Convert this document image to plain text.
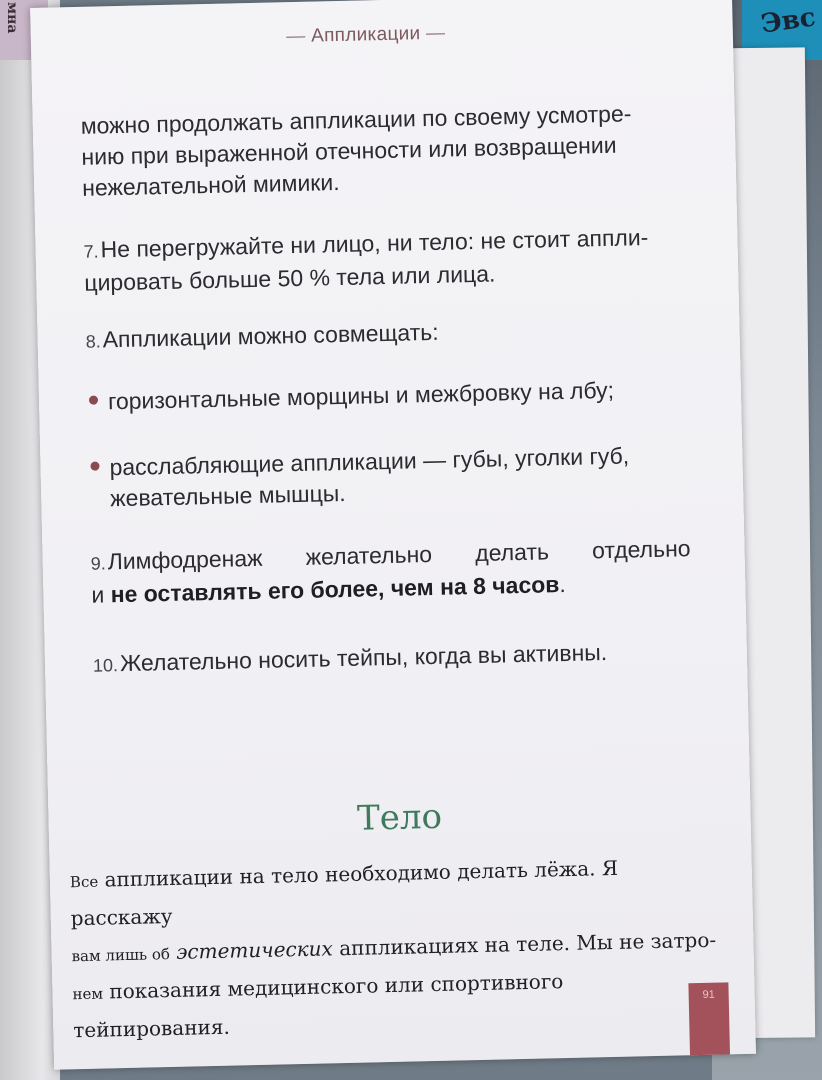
мна	Эвс
— Аппликации —
можно продолжать аппликации по своему усмотре-
нию при выраженной отечности или возвращении
нежелательной мимики.
7.Не перегружайте ни лицо, ни тело: не стоит аппли-
цировать больше 50 % тела или лица.
8.Аппликации можно совмещать:
горизонтальные морщины и межбровку на лбу;
расслабляющие аппликации — губы, уголки губ,
жевательные мышцы.
9.Лимфодренаж желательно делать отдельно
и не оставлять его более, чем на 8 часов.
10.Желательно носить тейпы, когда вы активны.
Тело
Все аппликации на тело необходимо делать лёжа. Я расскажу
вам лишь об эстетических аппликациях на теле. Мы не затро-
нем показания медицинского или спортивного тейпирования.
91
